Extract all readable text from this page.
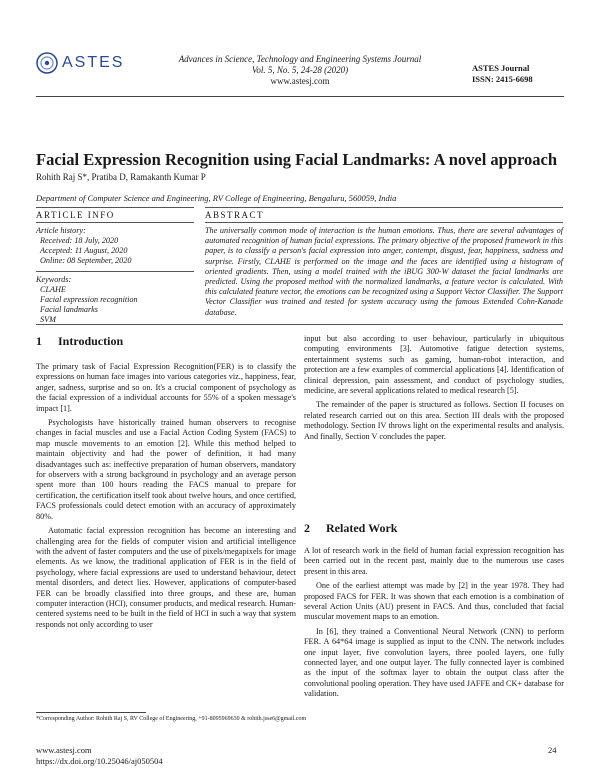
ASTES	Advances in Science, Technology and Engineering Systems Journal
Vol. 5, No. 5, 24-28 (2020)
www.astesj.com
ASTES Journal
ISSN: 2415-6698
Facial Expression Recognition using Facial Landmarks: A novel approach
Rohith Raj S*, Pratiba D, Ramakanth Kumar P
Department of Computer Science and Engineering, RV College of Engineering, Bengaluru, 560059, India
ARTICLE INFO
Article history:
Received: 18 July, 2020
Accepted: 11 August, 2020
Online: 08 September, 2020
Keywords:
CLAHE
Facial expression recognition
Facial landmarks
SVM
ABSTRACT
The universally common mode of interaction is the human emotions. Thus, there are several advantages of automated recognition of human facial expressions. The primary objective of the proposed framework in this paper, is to classify a person's facial expression into anger, contempt, disgust, fear, happiness, sadness and surprise. Firstly, CLAHE is performed on the image and the faces are identified using a histogram of oriented gradients. Then, using a model trained with the iBUG 300-W dataset the facial landmarks are predicted. Using the proposed method with the normalized landmarks, a feature vector is calculated. With this calculated feature vector, the emotions can be recognized using a Support Vector Classifier. The Support Vector Classifier was trained and tested for system accuracy using the famous Extended Cohn-Kanade database.
1 Introduction

The primary task of Facial Expression Recognition(FER) is to classify the expressions on human face images into various categories viz., happiness, fear, anger, sadness, surprise and so on. It's a crucial component of psychology as the facial expression of a individual accounts for 55% of a spoken message's impact [1].

Psychologists have historically trained human observers to recognise changes in facial muscles and use a Facial Action Coding System (FACS) to map muscle movements to an emotion [2]. While this method helped to maintain objectivity and had the power of definition, it had many disadvantages such as: ineffective preparation of human observers, mandatory for observers with a strong background in psychology and an average person spent more than 100 hours reading the FACS manual to prepare for certification, the certification itself took about twelve hours, and once certified, FACS professionals could detect emotion with an accuracy of approximately 80%.

Automatic facial expression recognition has become an interesting and challenging area for the fields of computer vision and artificial intelligence with the advent of faster computers and the use of pixels/megapixels for image elements. As we know, the traditional application of FER is in the field of psychology, where facial expressions are used to understand behaviour, detect mental disorders, and detect lies. However, applications of computer-based FER can be broadly classified into three groups, and these are, human computer interaction (HCI), consumer products, and medical research. Human-centered systems need to be built in the field of HCI in such a way that system responds not only according to user

input but also according to user behaviour, particularly in ubiquitous computing environments [3]. Automotive fatigue detection systems, entertainment systems such as gaming, human-robot interaction, and protection are a few examples of commercial applications [4]. Identification of clinical depression, pain assessment, and conduct of psychology studies, medicine, are several applications related to medical research [5].

The remainder of the paper is structured as follows. Section II focuses on related research carried out on this area. Section III deals with the proposed methodology. Section IV throws light on the experimental results and analysis. And finally, Section V concludes the paper.

2 Related Work

A lot of research work in the field of human facial expression recognition has been carried out in the recent past, mainly due to the numerous use cases present in this area.

One of the earliest attempt was made by [2] in the year 1978. They had proposed FACS for FER. It was shown that each emotion is a combination of several Action Units (AU) present in FACS. And thus, concluded that facial muscular movement maps to an emotion.

In [6], they trained a Conventional Neural Network (CNN) to perform FER. A 64*64 image is supplied as input to the CNN. The network includes one input layer, five convolution layers, three pooled layers, one fully connected layer, and one output layer. The fully connected layer is combined as the input of the softmax layer to obtain the output class after the convolutional pooling operation. They have used JAFFE and CK+ database for validation.

*Corresponding Author: Rohith Raj S, RV College of Engineering, +91-8095969630 & rohith.jsse6@gmail.com
www.astesj.com
https://dx.doi.org/10.25046/aj050504
24
